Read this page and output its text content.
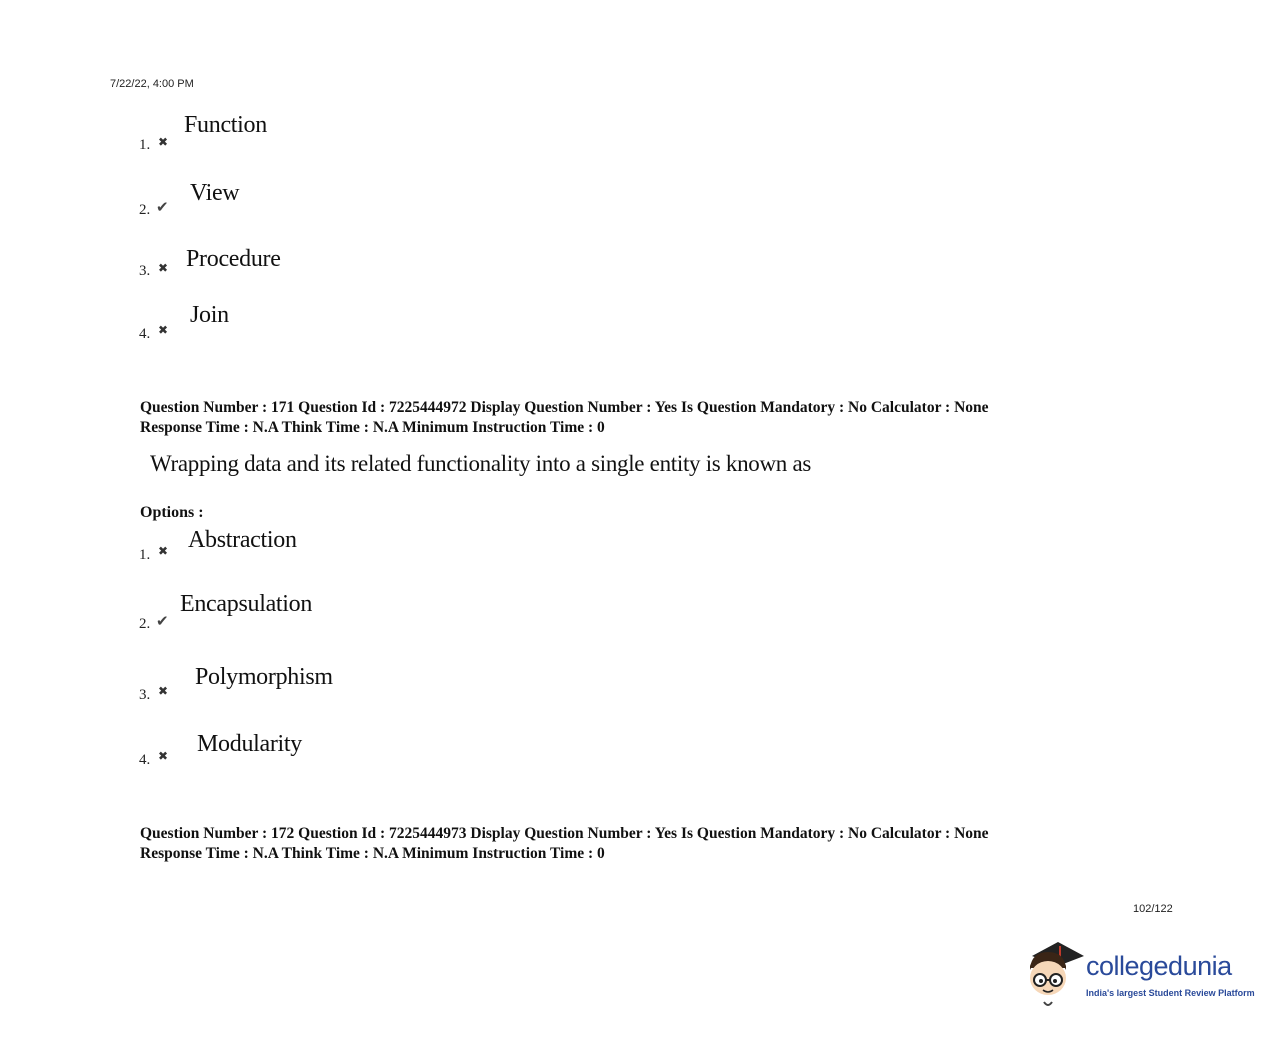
7/22/22, 4:00 PM
1. ✖
Function
2. ✔
View
3. ✖ Procedure
4. ✖
Join
Question Number : 171 Question Id : 7225444972 Display Question Number : Yes Is Question Mandatory : No Calculator : None
Response Time : N.A Think Time : N.A Minimum Instruction Time : 0
Wrapping data and its related functionality into a single entity is known as
Options :
1. ✖ Abstraction
2. ✔
Encapsulation
3. ✖
Polymorphism
4. ✖ Modularity
Question Number : 172 Question Id : 7225444973 Display Question Number : Yes Is Question Mandatory : No Calculator : None
Response Time : N.A Think Time : N.A Minimum Instruction Time : 0
102/122
collegedunia
India's largest Student Review Platform
